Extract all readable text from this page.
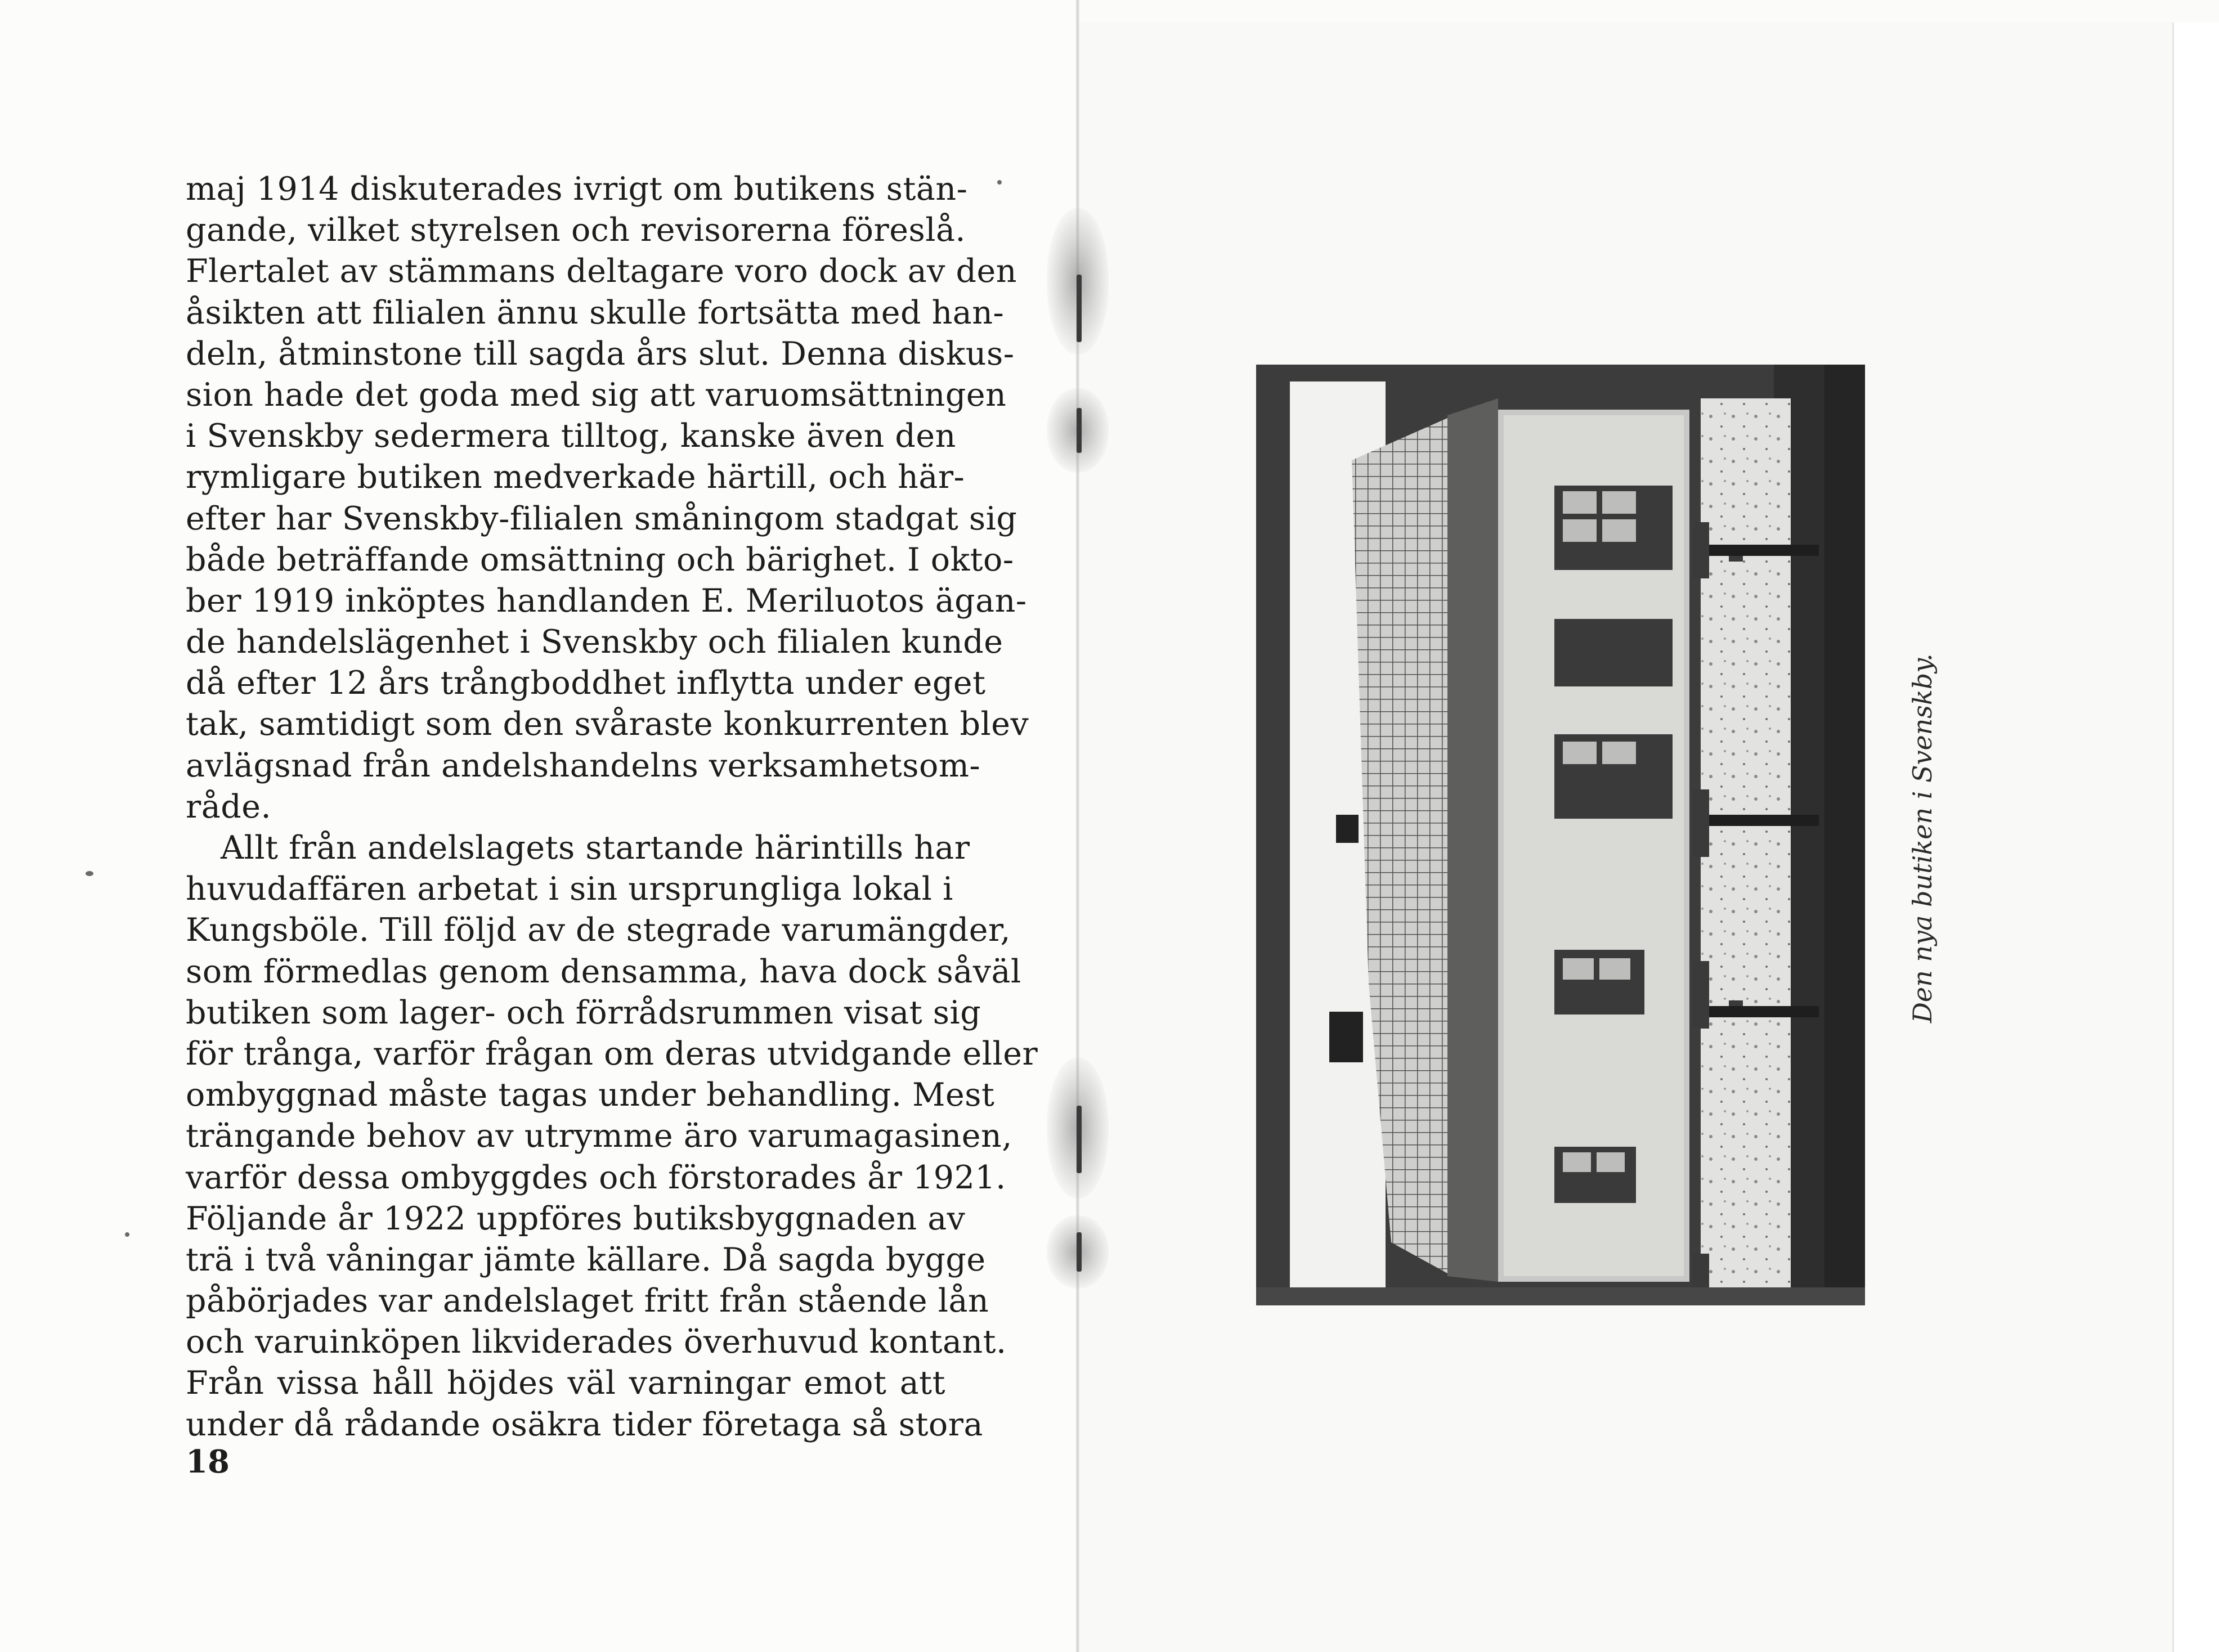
maj 1914 diskuterades ivrigt om butikens stän-
gande, vilket styrelsen och revisorerna föreslå.
Flertalet av stämmans deltagare voro dock av den
åsikten att filialen ännu skulle fortsätta med han-
deln, åtminstone till sagda års slut. Denna diskus-
sion hade det goda med sig att varuomsättningen
i Svenskby sedermera tilltog, kanske även den
rymligare butiken medverkade härtill, och här-
efter har Svenskby-filialen småningom stadgat sig
både beträffande omsättning och bärighet. I okto-
ber 1919 inköptes handlanden E. Meriluotos ägan-
de handelslägenhet i Svenskby och filialen kunde
då efter 12 års trångboddhet inflytta under eget
tak, samtidigt som den svåraste konkurrenten blev
avlägsnad från andelshandelns verksamhetsom-
råde.
Allt från andelslagets startande härintills har
huvudaffären arbetat i sin ursprungliga lokal i
Kungsböle. Till följd av de stegrade varumängder,
som förmedlas genom densamma, hava dock såväl
butiken som lager- och förrådsrummen visat sig
för trånga, varför frågan om deras utvidgande eller
ombyggnad måste tagas under behandling. Mest
trängande behov av utrymme äro varumagasinen,
varför dessa ombyggdes och förstorades år 1921.
Följande år 1922 uppföres butiksbyggnaden av
trä i två våningar jämte källare. Då sagda bygge
påbörjades var andelslaget fritt från stående lån
och varuinköpen likviderades överhuvud kontant.
Från vissa håll höjdes väl varningar emot att
under då rådande osäkra tider företaga så stora
18
Den nya butiken i Svenskby.
